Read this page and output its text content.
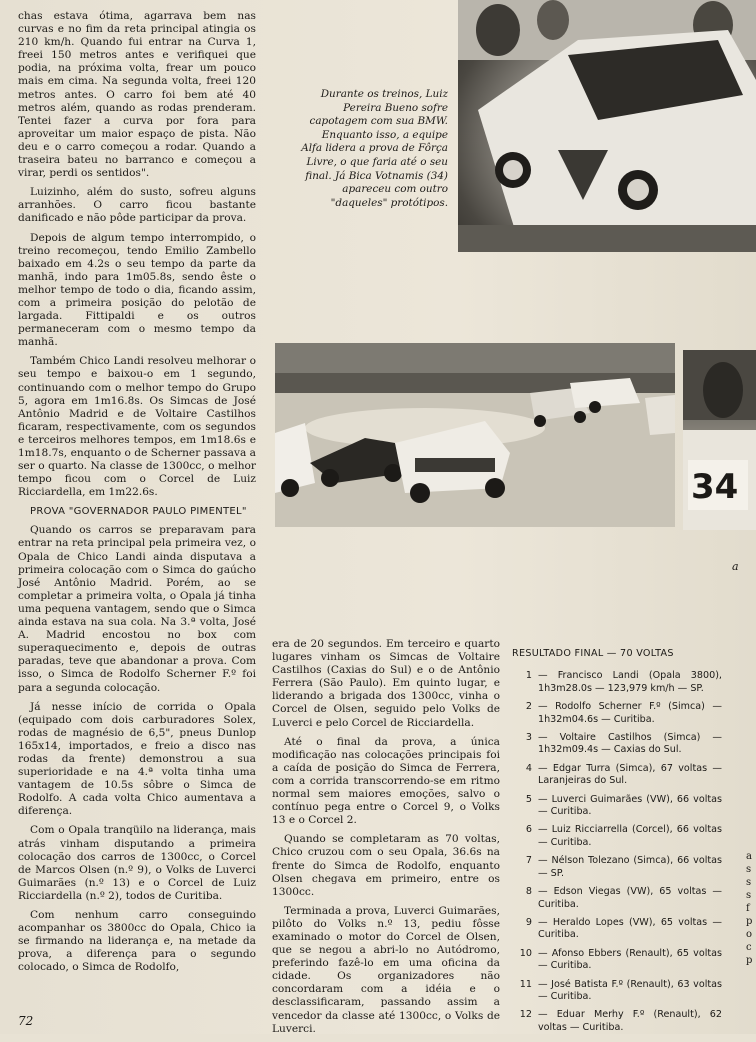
Durante os treinos, Luiz Pereira Bueno sofre capotagem com sua BMW. Enquanto isso, a equipe Alfa lidera a prova de Fôrça Livre, o que faria até o seu final. Já Bica Votnamis (34) apareceu com outro "daqueles" protótipos.
34

chas estava ótima, agarrava bem nas curvas e no fim da reta principal atingia os 210 km/h. Quando fui entrar na Curva 1, freei 150 metros antes e verifiquei que podia, na próxima volta, frear um pouco mais em cima. Na segunda volta, freei 120 metros antes. O carro foi bem até 40 metros além, quando as rodas prenderam. Tentei fazer a curva por fora para aproveitar um maior espaço de pista. Não deu e o carro começou a rodar. Quando a traseira bateu no barranco e começou a virar, perdi os sentidos".

Luizinho, além do susto, sofreu alguns arranhões. O carro ficou bastante danificado e não pôde participar da prova.

Depois de algum tempo interrompido, o treino recomeçou, tendo Emilio Zambello baixado em 4.2s o seu tempo da parte da manhã, indo para 1m05.8s, sendo êste o melhor tempo de todo o dia, ficando assim, com a primeira posição do pelotão de largada. Fittipaldi e os outros permaneceram com o mesmo tempo da manhã.

Também Chico Landi resolveu melhorar o seu tempo e baixou-o em 1 segundo, continuando com o melhor tempo do Grupo 5, agora em 1m16.8s. Os Simcas de José Antônio Madrid e de Voltaire Castilhos ficaram, respectivamente, com os segundos e terceiros melhores tempos, em 1m18.6s e 1m18.7s, enquanto o de Scherner passava a ser o quarto. Na classe de 1300cc, o melhor tempo ficou com o Corcel de Luiz Ricciardella, em 1m22.6s.

PROVA "GOVERNADOR PAULO PIMENTEL"

Quando os carros se preparavam para entrar na reta principal pela primeira vez, o Opala de Chico Landi ainda disputava a primeira colocação com o Simca do gaúcho José Antônio Madrid. Porém, ao se completar a primeira volta, o Opala já tinha uma pequena vantagem, sendo que o Simca ainda estava na sua cola. Na 3.ª volta, José A. Madrid encostou no box com superaquecimento e, depois de outras paradas, teve que abandonar a prova. Com isso, o Simca de Rodolfo Scherner F.º foi para a segunda colocação.

Já nesse início de corrida o Opala (equipado com dois carburadores Solex, rodas de magnésio de 6,5", pneus Dunlop 165x14, importados, e freio a disco nas rodas da frente) demonstrou a sua superioridade e na 4.ª volta tinha uma vantagem de 10.5s sôbre o Simca de Rodolfo. A cada volta Chico aumentava a diferença.

Com o Opala tranqüilo na liderança, mais atrás vinham disputando a primeira colocação dos carros de 1300cc, o Corcel de Marcos Olsen (n.º 9), o Volks de Luverci Guimarães (n.º 13) e o Corcel de Luiz Ricciardella (n.º 2), todos de Curitiba.

Com nenhum carro conseguindo acompanhar os 3800cc do Opala, Chico ia se firmando na liderança e, na metade da prova, a diferença para o segundo colocado, o Simca de Rodolfo,

era de 20 segundos. Em terceiro e quarto lugares vinham os Simcas de Voltaire Castilhos (Caxias do Sul) e o de Antônio Ferrera (São Paulo). Em quinto lugar, e liderando a brigada dos 1300cc, vinha o Corcel de Olsen, seguido pelo Volks de Luverci e pelo Corcel de Ricciardella.

Até o final da prova, a única modificação nas colocações principais foi a caída de posição do Simca de Ferrera, com a corrida transcorrendo-se em ritmo normal sem maiores emoções, salvo o contínuo pega entre o Corcel 9, o Volks 13 e o Corcel 2.

Quando se completaram as 70 voltas, Chico cruzou com o seu Opala, 36.6s na frente do Simca de Rodolfo, enquanto Olsen chegava em primeiro, entre os 1300cc.

Terminada a prova, Luverci Guimarães, pilôto do Volks n.º 13, pediu fôsse examinado o motor do Corcel de Olsen, que se negou a abri-lo no Autódromo, preferindo fazê-lo em uma oficina da cidade. Os organizadores não concordaram com a idéia e o desclassificaram, passando assim a vencedor da classe até 1300cc, o Volks de Luverci.

RESULTADO FINAL — 70 VOLTAS
1 — Francisco Landi (Opala 3800), 1h3m28.0s — 123,979 km/h — SP.
2 — Rodolfo Scherner F.º (Simca) — 1h32m04.6s — Curitiba.
3 — Voltaire Castilhos (Simca) — 1h32m09.4s — Caxias do Sul.
4 — Edgar Turra (Simca), 67 voltas — Laranjeiras do Sul.
5 — Luverci Guimarães (VW), 66 voltas — Curitiba.
6 — Luiz Ricciarrella (Corcel), 66 voltas — Curitiba.
7 — Nélson Tolezano (Simca), 66 voltas — SP.
8 — Edson Viegas (VW), 65 voltas — Curitiba.
9 — Heraldo Lopes (VW), 65 voltas — Curitiba.
10 — Afonso Ebbers (Renault), 65 voltas — Curitiba.
11 — José Batista F.º (Renault), 63 voltas — Curitiba.
12 — Eduar Merhy F.º (Renault), 62 voltas — Curitiba.
72
a
a s s s f p o c p
